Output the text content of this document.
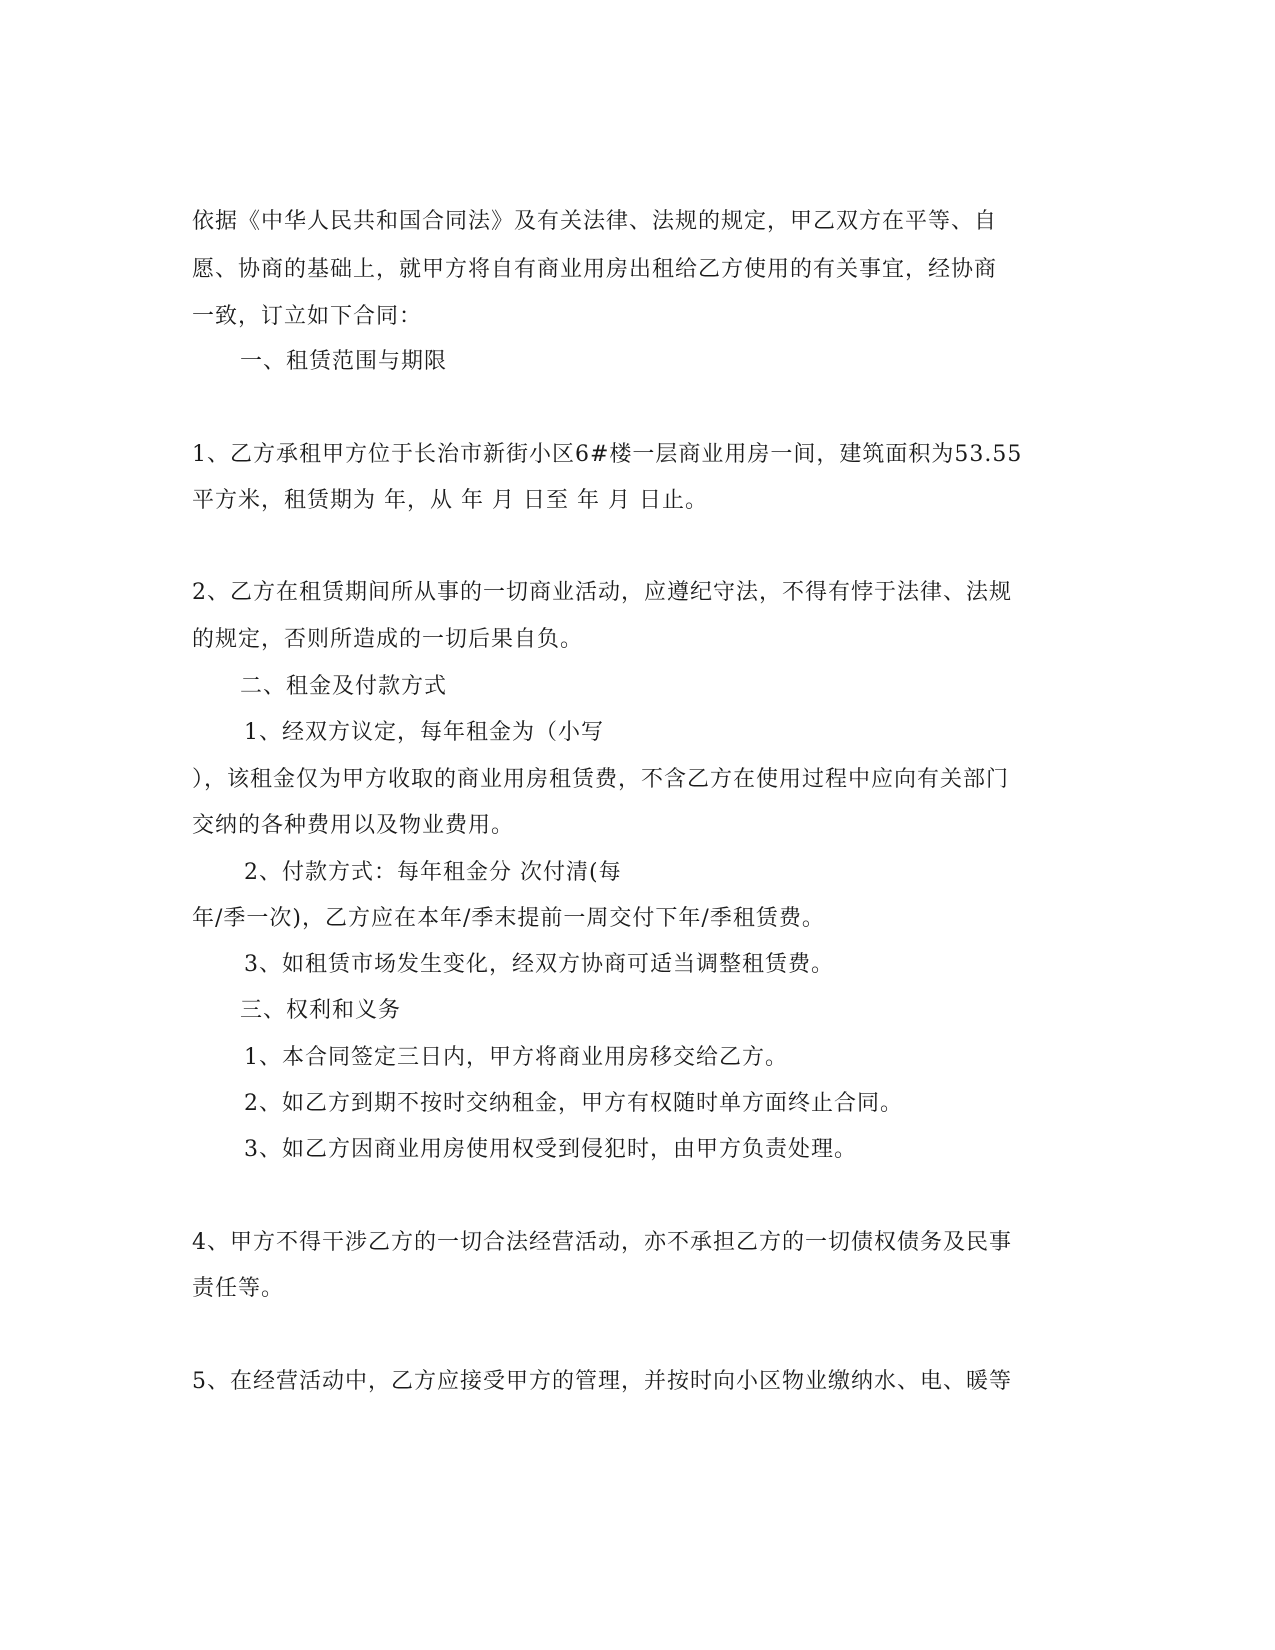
依据《中华人民共和国合同法》及有关法律、法规的规定，甲乙双方在平等、自
愿、协商的基础上，就甲方将自有商业用房出租给乙方使用的有关事宜，经协商
一致，订立如下合同：
一、租赁范围与期限
1、乙方承租甲方位于长治市新街小区6#楼一层商业用房一间，建筑面积为53.55
平方米，租赁期为 年，从 年 月 日至 年 月 日止。
2、乙方在租赁期间所从事的一切商业活动，应遵纪守法，不得有悖于法律、法规
的规定，否则所造成的一切后果自负。
二、租金及付款方式
1、经双方议定，每年租金为（小写
），该租金仅为甲方收取的商业用房租赁费，不含乙方在使用过程中应向有关部门
交纳的各种费用以及物业费用。
2、付款方式：每年租金分 次付清(每
年/季一次)，乙方应在本年/季末提前一周交付下年/季租赁费。
3、如租赁市场发生变化，经双方协商可适当调整租赁费。
三、权利和义务
1、本合同签定三日内，甲方将商业用房移交给乙方。
2、如乙方到期不按时交纳租金，甲方有权随时单方面终止合同。
3、如乙方因商业用房使用权受到侵犯时，由甲方负责处理。
4、甲方不得干涉乙方的一切合法经营活动，亦不承担乙方的一切债权债务及民事
责任等。
5、在经营活动中，乙方应接受甲方的管理，并按时向小区物业缴纳水、电、暖等
